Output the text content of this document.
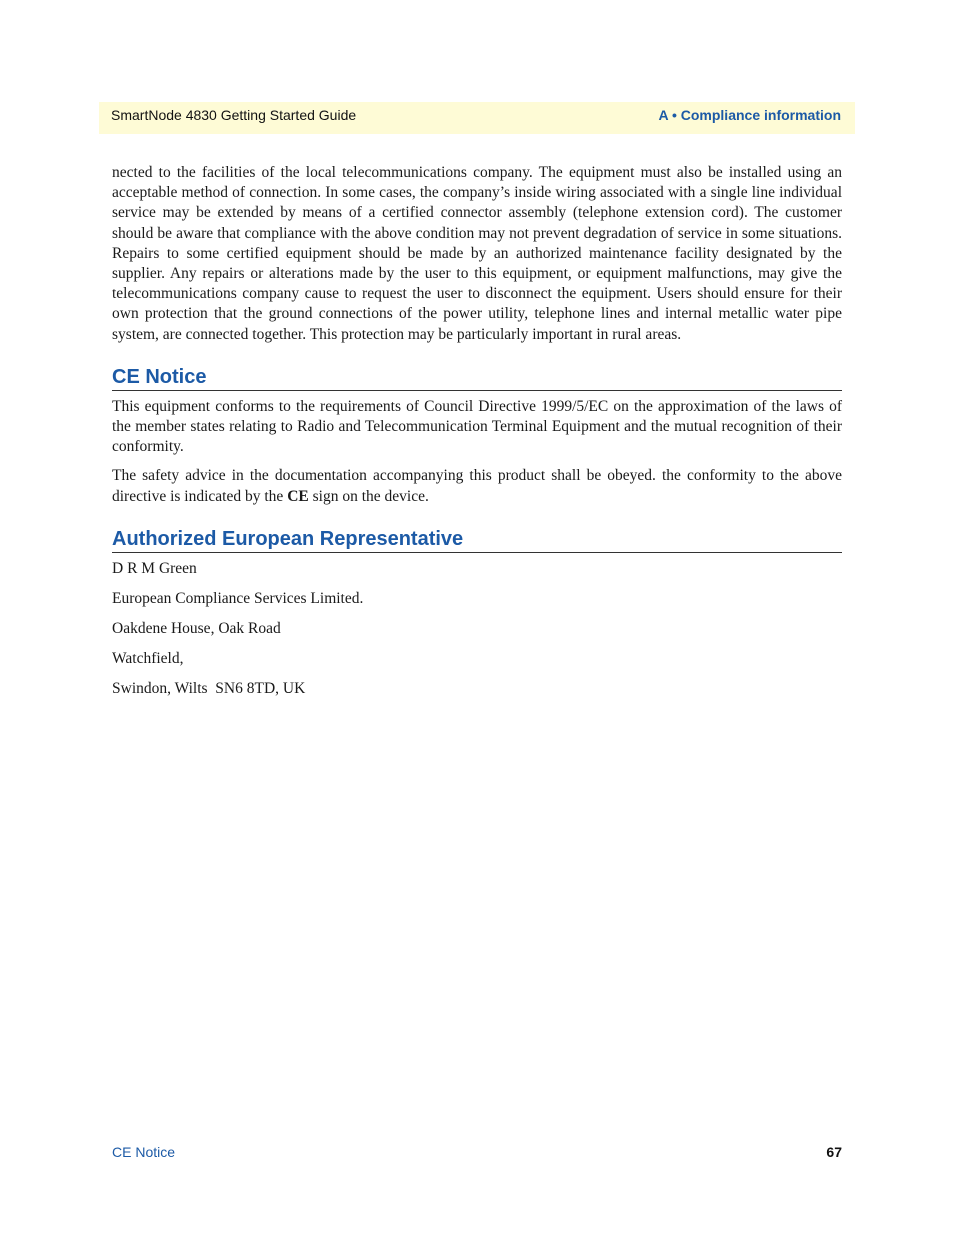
SmartNode 4830 Getting Started Guide	A • Compliance information

nected to the facilities of the local telecommunications company. The equipment must also be installed using an acceptable method of connection. In some cases, the company’s inside wiring associated with a single line individual service may be extended by means of a certified connector assembly (telephone extension cord). The customer should be aware that compliance with the above condition may not prevent degradation of service in some situations. Repairs to some certified equipment should be made by an authorized maintenance facility designated by the supplier. Any repairs or alterations made by the user to this equipment, or equipment malfunctions, may give the telecommunications company cause to request the user to disconnect the equipment. Users should ensure for their own protection that the ground connections of the power utility, telephone lines and internal metallic water pipe system, are connected together. This protection may be particularly important in rural areas.

CE Notice

This equipment conforms to the requirements of Council Directive 1999/5/EC on the approximation of the laws of the member states relating to Radio and Telecommunication Terminal Equipment and the mutual recognition of their conformity.

The safety advice in the documentation accompanying this product shall be obeyed. the conformity to the above directive is indicated by the CE sign on the device.

Authorized European Representative

D R M Green

European Compliance Services Limited.

Oakdene House, Oak Road

Watchfield,

Swindon, Wilts  SN6 8TD, UK

CE Notice	67
